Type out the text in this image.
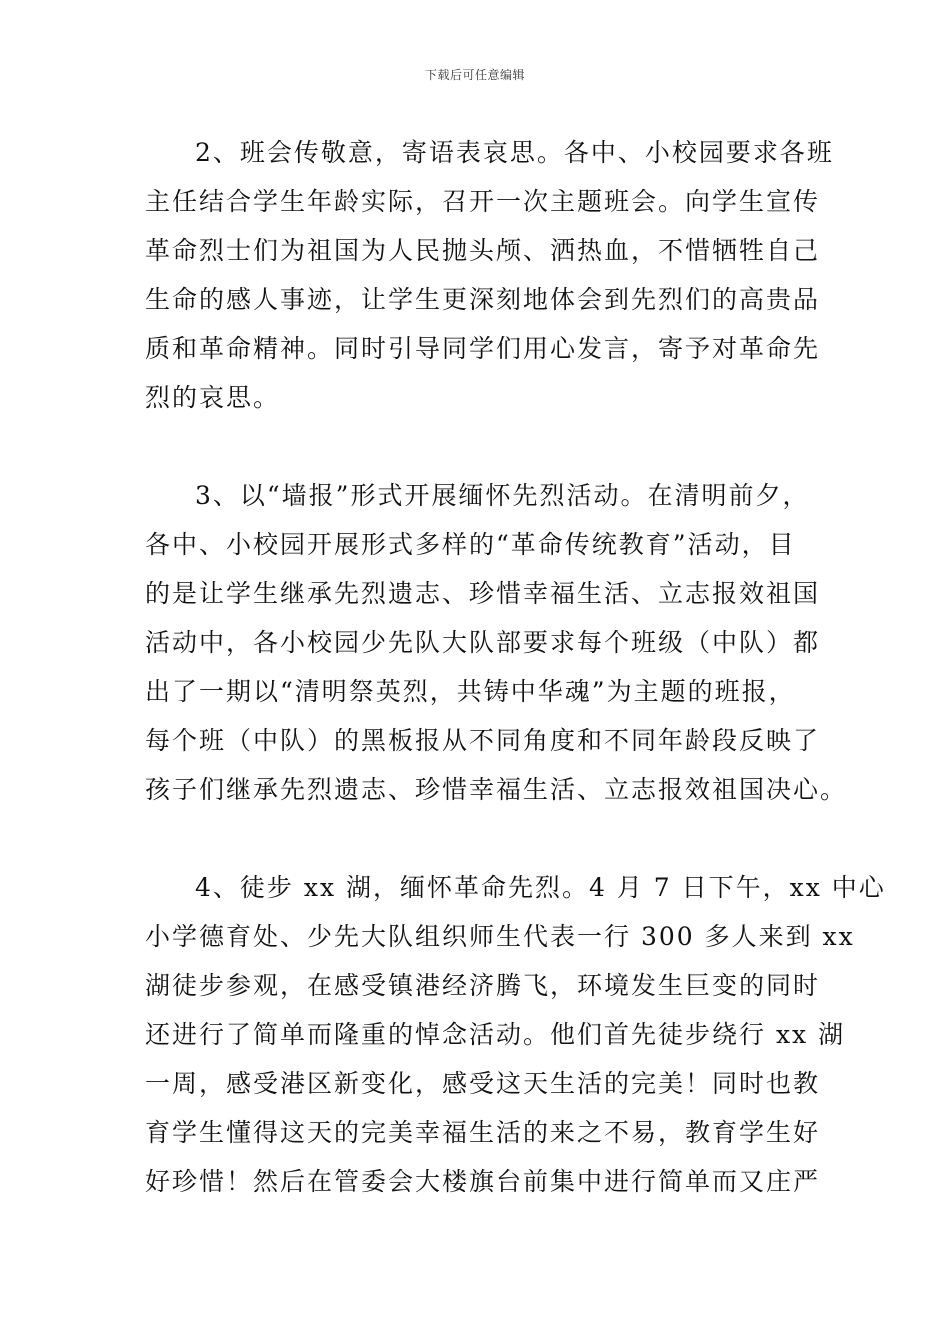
下载后可任意编辑
2、班会传敬意，寄语表哀思。各中、小校园要求各班
主任结合学生年龄实际，召开一次主题班会。向学生宣传
革命烈士们为祖国为人民抛头颅、洒热血，不惜牺牲自己
生命的感人事迹，让学生更深刻地体会到先烈们的高贵品
质和革命精神。同时引导同学们用心发言，寄予对革命先
烈的哀思。
3、以“墙报”形式开展缅怀先烈活动。在清明前夕，
各中、小校园开展形式多样的“革命传统教育”活动，目
的是让学生继承先烈遗志、珍惜幸福生活、立志报效祖国
活动中，各小校园少先队大队部要求每个班级（中队）都
出了一期以“清明祭英烈，共铸中华魂”为主题的班报，
每个班（中队）的黑板报从不同角度和不同年龄段反映了
孩子们继承先烈遗志、珍惜幸福生活、立志报效祖国决心。
4、徒步 xx 湖，缅怀革命先烈。4 月 7 日下午，xx 中心
小学德育处、少先大队组织师生代表一行 300 多人来到 xx
湖徒步参观，在感受镇港经济腾飞，环境发生巨变的同时
还进行了简单而隆重的悼念活动。他们首先徒步绕行 xx 湖
一周，感受港区新变化，感受这天生活的完美！同时也教
育学生懂得这天的完美幸福生活的来之不易，教育学生好
好珍惜！然后在管委会大楼旗台前集中进行简单而又庄严
